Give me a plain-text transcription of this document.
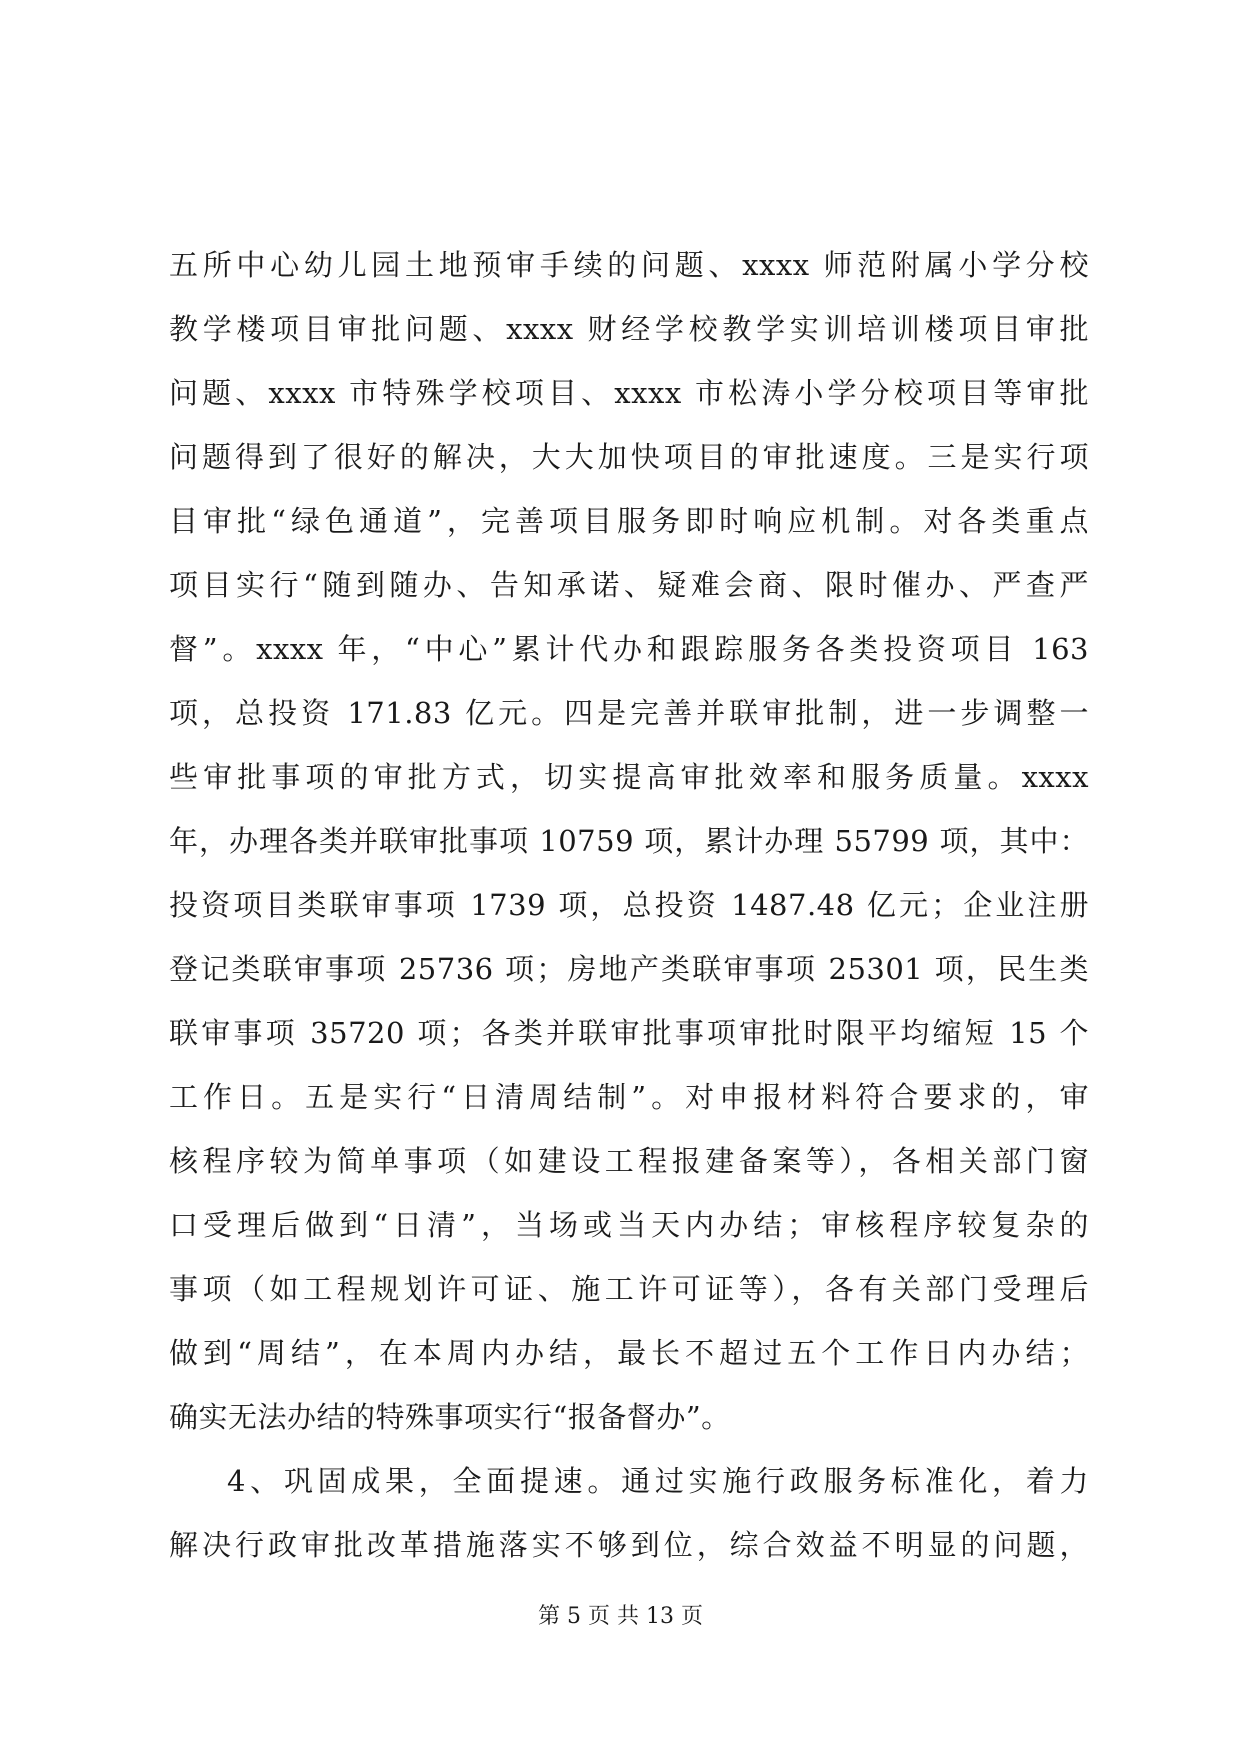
五所中心幼儿园土地预审手续的问题、xxxx 师范附属小学分校
教学楼项目审批问题、xxxx 财经学校教学实训培训楼项目审批
问题、xxxx 市特殊学校项目、xxxx 市松涛小学分校项目等审批
问题得到了很好的解决，大大加快项目的审批速度。三是实行项
目审批“绿色通道”，完善项目服务即时响应机制。对各类重点
项目实行“随到随办、告知承诺、疑难会商、限时催办、严查严
督”。xxxx 年，“中心”累计代办和跟踪服务各类投资项目 163
项，总投资 171.83 亿元。四是完善并联审批制，进一步调整一
些审批事项的审批方式，切实提高审批效率和服务质量。xxxx
年，办理各类并联审批事项 10759 项，累计办理 55799 项，其中：
投资项目类联审事项 1739 项，总投资 1487.48 亿元；企业注册
登记类联审事项 25736 项；房地产类联审事项 25301 项，民生类
联审事项 35720 项；各类并联审批事项审批时限平均缩短 15 个
工作日。五是实行“日清周结制”。对申报材料符合要求的，审
核程序较为简单事项（如建设工程报建备案等），各相关部门窗
口受理后做到“日清”，当场或当天内办结；审核程序较复杂的
事项（如工程规划许可证、施工许可证等），各有关部门受理后
做到“周结”，在本周内办结，最长不超过五个工作日内办结；
确实无法办结的特殊事项实行“报备督办”。
4、巩固成果，全面提速。通过实施行政服务标准化，着力
解决行政审批改革措施落实不够到位，综合效益不明显的问题，
第 5 页 共 13 页
